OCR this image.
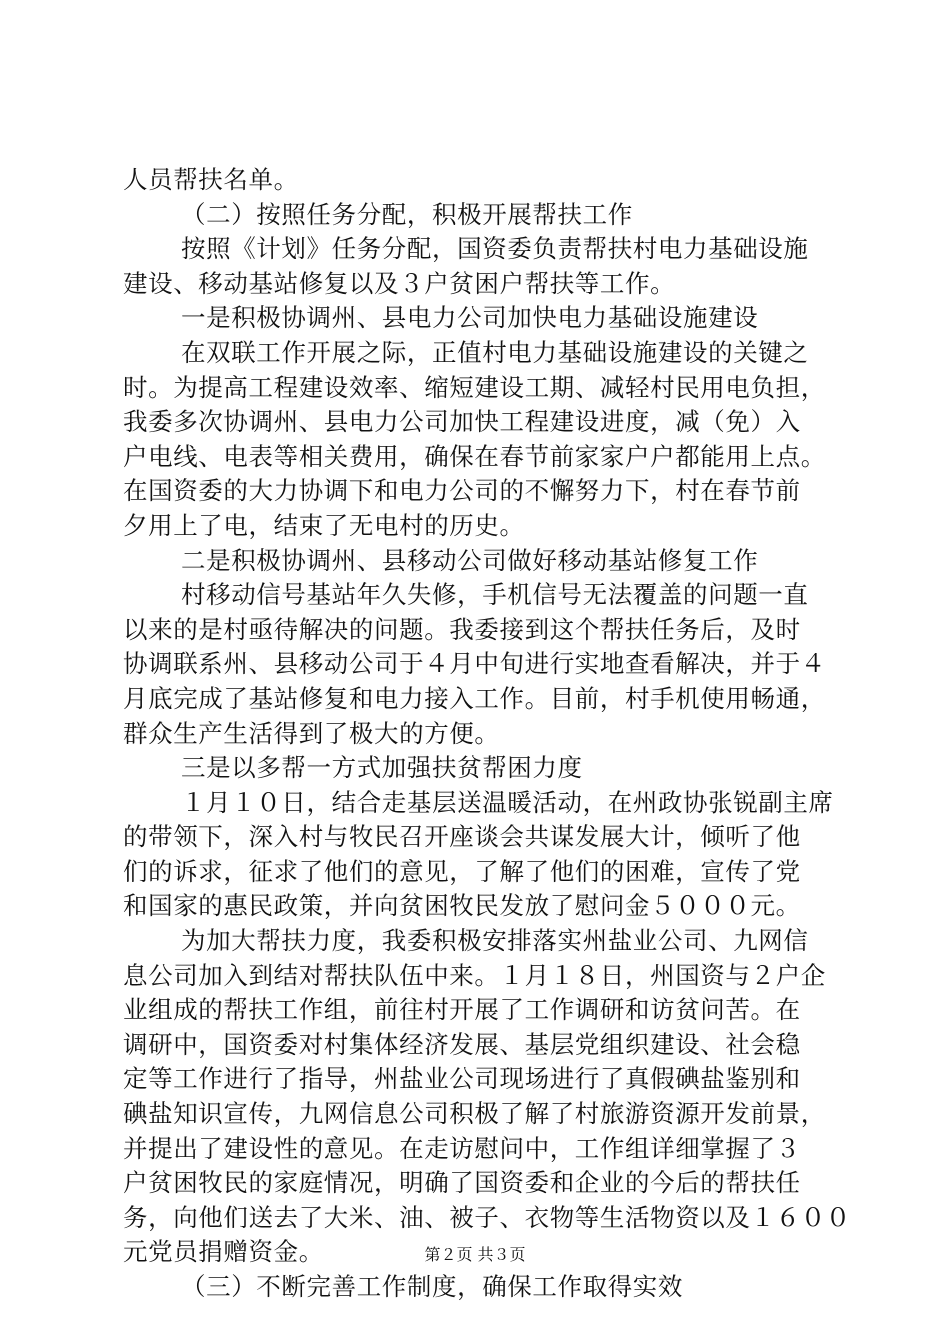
人员帮扶名单。
（二）按照任务分配，积极开展帮扶工作
按照《计划》任务分配，国资委负责帮扶村电力基础设施
建设、移动基站修复以及３户贫困户帮扶等工作。
一是积极协调州、县电力公司加快电力基础设施建设
在双联工作开展之际，正值村电力基础设施建设的关键之
时。为提高工程建设效率、缩短建设工期、减轻村民用电负担，
我委多次协调州、县电力公司加快工程建设进度，减（免）入
户电线、电表等相关费用，确保在春节前家家户户都能用上点。
在国资委的大力协调下和电力公司的不懈努力下，村在春节前
夕用上了电，结束了无电村的历史。
二是积极协调州、县移动公司做好移动基站修复工作
村移动信号基站年久失修，手机信号无法覆盖的问题一直
以来的是村亟待解决的问题。我委接到这个帮扶任务后，及时
协调联系州、县移动公司于４月中旬进行实地查看解决，并于４
月底完成了基站修复和电力接入工作。目前，村手机使用畅通，
群众生产生活得到了极大的方便。
三是以多帮一方式加强扶贫帮困力度
１月１０日，结合走基层送温暖活动，在州政协张锐副主席
的带领下，深入村与牧民召开座谈会共谋发展大计，倾听了他
们的诉求，征求了他们的意见，了解了他们的困难，宣传了党
和国家的惠民政策，并向贫困牧民发放了慰问金５０００元。
为加大帮扶力度，我委积极安排落实州盐业公司、九网信
息公司加入到结对帮扶队伍中来。１月１８日，州国资与２户企
业组成的帮扶工作组，前往村开展了工作调研和访贫问苦。在
调研中，国资委对村集体经济发展、基层党组织建设、社会稳
定等工作进行了指导，州盐业公司现场进行了真假碘盐鉴别和
碘盐知识宣传，九网信息公司积极了解了村旅游资源开发前景，
并提出了建设性的意见。在走访慰问中，工作组详细掌握了３
户贫困牧民的家庭情况，明确了国资委和企业的今后的帮扶任
务，向他们送去了大米、油、被子、衣物等生活物资以及１６００
元党员捐赠资金。
（三）不断完善工作制度，确保工作取得实效
第２页 共３页
